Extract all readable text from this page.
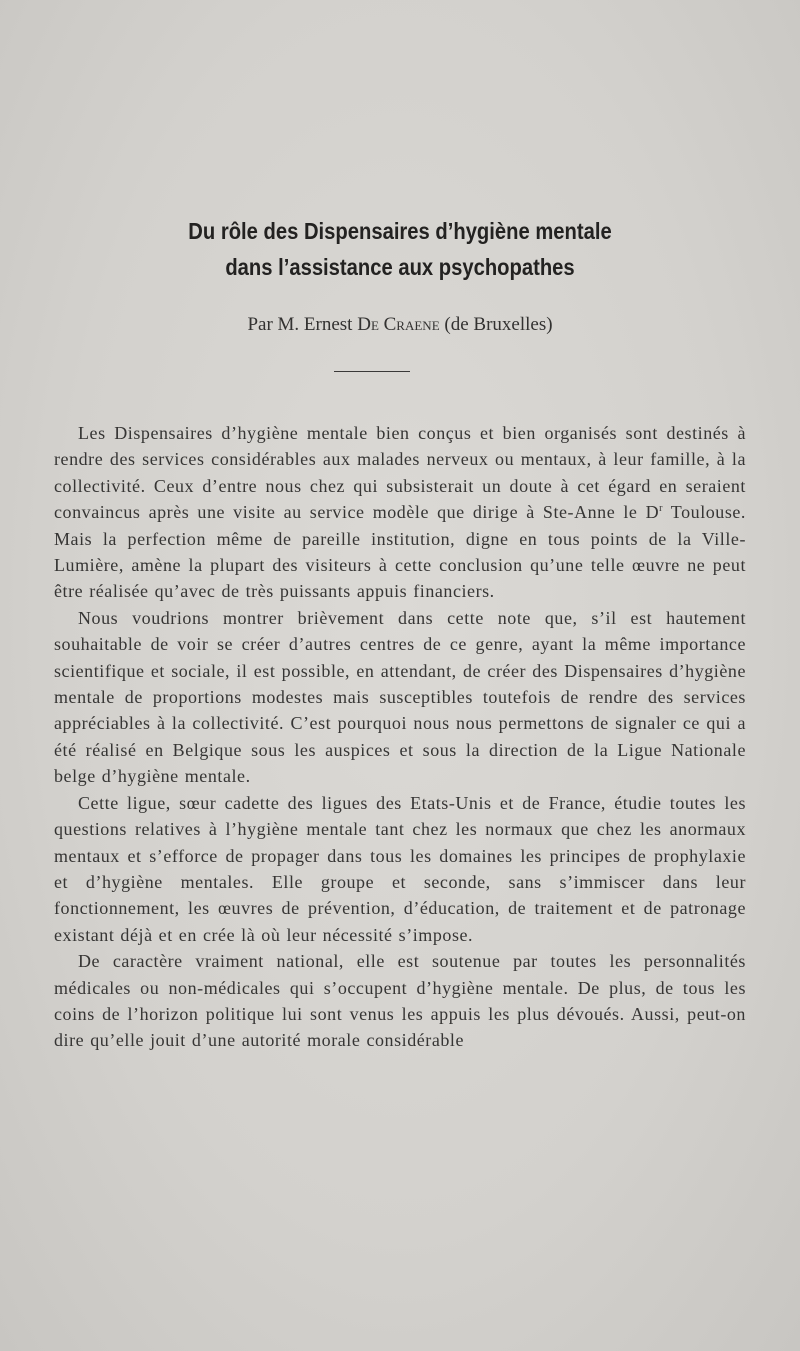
Du rôle des Dispensaires d’hygiène mentale
dans l’assistance aux psychopathes
Par M. Ernest De Craene (de Bruxelles)

Les Dispensaires d’hygiène mentale bien conçus et bien organisés sont destinés à rendre des services considérables aux malades nerveux ou mentaux, à leur famille, à la collectivité. Ceux d’entre nous chez qui subsisterait un doute à cet égard en seraient convaincus après une visite au service modèle que dirige à Ste-Anne le $D^r$ Toulouse. Mais la perfection même de pareille institution, digne en tous points de la Ville-Lumière, amène la plupart des visiteurs à cette conclusion qu’une telle œuvre ne peut être réalisée qu’avec de très puissants appuis financiers.

Nous voudrions montrer brièvement dans cette note que, s’il est hautement souhaitable de voir se créer d’autres centres de ce genre, ayant la même importance scientifique et sociale, il est possible, en attendant, de créer des Dispensaires d’hygiène mentale de proportions modestes mais susceptibles toutefois de rendre des services appréciables à la collectivité. C’est pourquoi nous nous permettons de signaler ce qui a été réalisé en Belgique sous les auspices et sous la direction de la Ligue Nationale belge d’hygiène mentale.

Cette ligue, sœur cadette des ligues des Etats-Unis et de France, étudie toutes les questions relatives à l’hygiène mentale tant chez les normaux que chez les anormaux mentaux et s’efforce de propager dans tous les domaines les principes de prophylaxie et d’hygiène mentales. Elle groupe et seconde, sans s’immiscer dans leur fonctionnement, les œuvres de prévention, d’éducation, de traitement et de patronage existant déjà et en crée là où leur nécessité s’impose.

De caractère vraiment national, elle est soutenue par toutes les personnalités médicales ou non-médicales qui s’occupent d’hygiène mentale. De plus, de tous les coins de l’horizon politique lui sont venus les appuis les plus dévoués. Aussi, peut-on dire qu’elle jouit d’une autorité morale considérable
